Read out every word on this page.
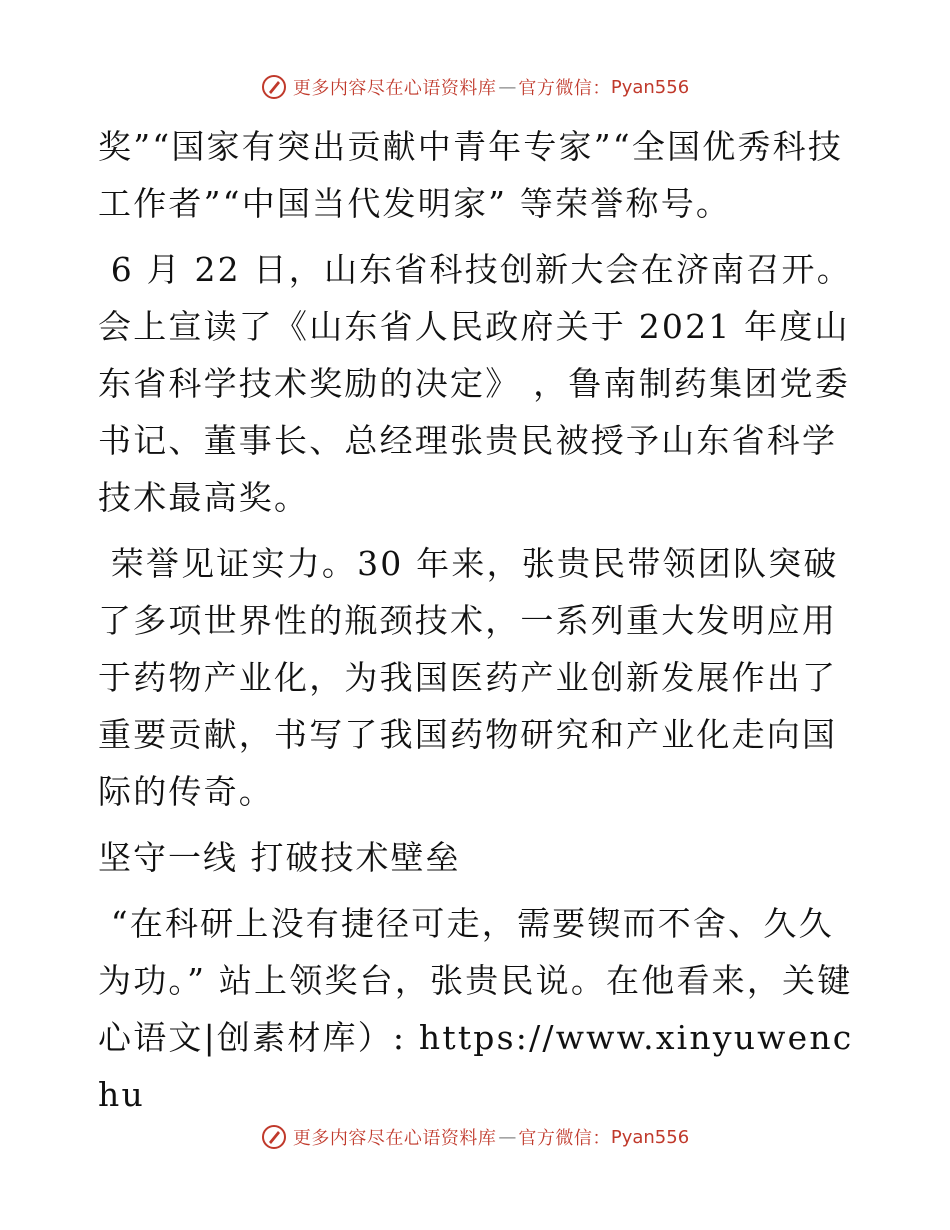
更多内容尽在心语资料库 — 官方微信： Pyan556

奖”“国家有突出贡献中青年专家”“全国优秀科技工作者”“中国当代发明家” 等荣誉称号。

6 月 22 日，山东省科技创新大会在济南召开。会上宣读了《山东省人民政府关于 2021 年度山东省科学技术奖励的决定》 ，鲁南制药集团党委书记、董事长、总经理张贵民被授予山东省科学技术最高奖。

荣誉见证实力。30 年来，张贵民带领团队突破了多项世界性的瓶颈技术，一系列重大发明应用于药物产业化，为我国医药产业创新发展作出了重要贡献，书写了我国药物研究和产业化走向国际的传奇。

坚守一线 打破技术壁垒

“在科研上没有捷径可走，需要锲而不舍、久久为功。” 站上领奖台，张贵民说。在他看来，关键心语文|创素材库）: https://www.xinyuwenchu

更多内容尽在心语资料库 — 官方微信： Pyan556
